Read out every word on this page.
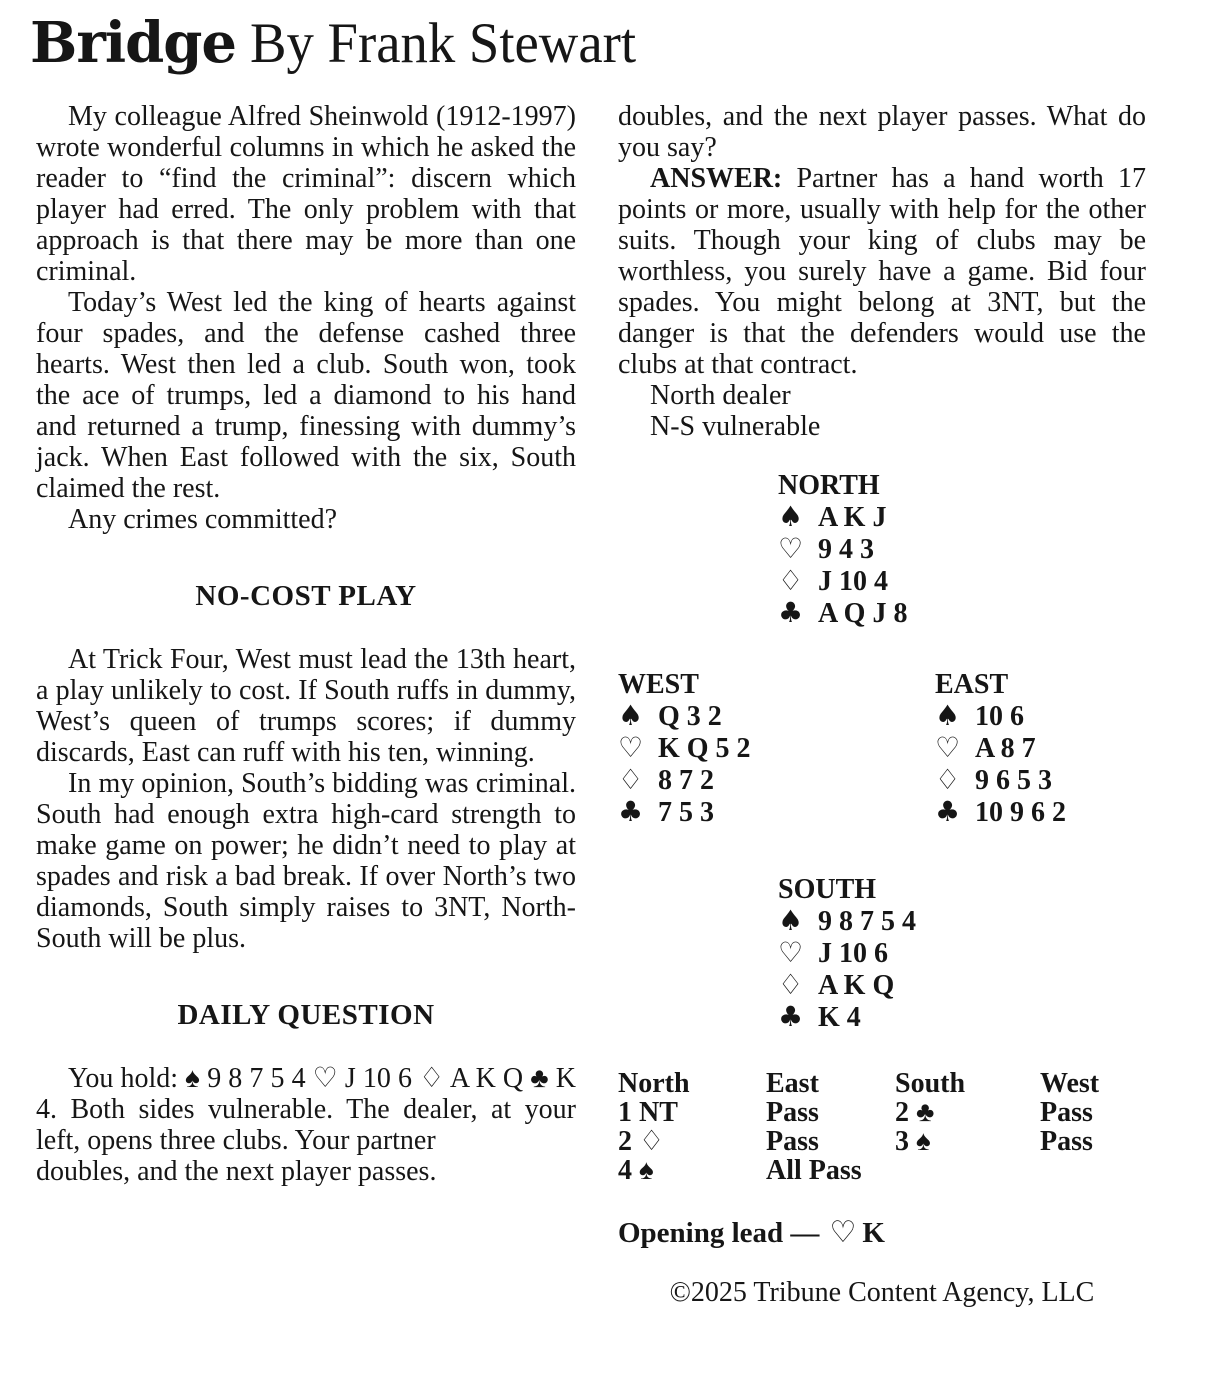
Bridge By Frank Stewart

My colleague Alfred Sheinwold (1912-1997) wrote wonderful columns in which he asked the reader to “find the criminal”: discern which player had erred. The only problem with that approach is that there may be more than one criminal.

Today’s West led the king of hearts against four spades, and the defense cashed three hearts. West then led a club. South won, took the ace of trumps, led a diamond to his hand and returned a trump, finessing with dummy’s jack. When East followed with the six, South claimed the rest.

Any crimes committed?

NO-COST PLAY

At Trick Four, West must lead the 13th heart, a play unlikely to cost. If South ruffs in dummy, West’s queen of trumps scores; if dummy discards, East can ruff with his ten, winning.

In my opinion, South’s bidding was criminal. South had enough extra high-card strength to make game on power; he didn’t need to play at spades and risk a bad break. If over North’s two diamonds, South simply raises to 3NT, North-South will be plus.

DAILY QUESTION

You hold: ♠ 9 8 7 5 4 ♡ J 10 6 ♢ A K Q ♣ K 4. Both sides vulnerable. The dealer, at your left, opens three clubs. Your partner

doubles, and the next player passes.

doubles, and the next player passes. What do you say?

ANSWER: Partner has a hand worth 17 points or more, usually with help for the other suits. Though your king of clubs may be worthless, you surely have a game. Bid four spades. You might belong at 3NT, but the danger is that the defenders would use the clubs at that contract.

North dealer

N-S vulnerable

NORTH
♠ A K J
♡ 9 4 3
♢ J 10 4
♣ A Q J 8
WEST
♠ Q 3 2
♡ K Q 5 2
♢ 8 7 2
♣ 7 5 3
EAST
♠ 10 6
♡ A 8 7
♢ 9 6 5 3
♣ 10 9 6 2
SOUTH
♠ 9 8 7 5 4
♡ J 10 6
♢ A K Q
♣ K 4
North	East	South	West
1 NT	Pass	2 ♣	Pass
2 ♢	Pass	3 ♠	Pass
4 ♠	All Pass
Opening lead — ♡ K
©2025 Tribune Content Agency, LLC
